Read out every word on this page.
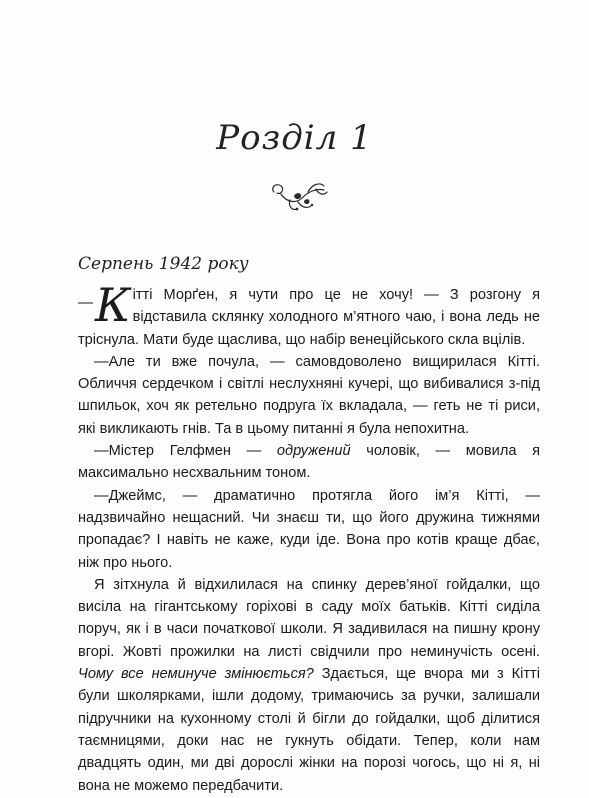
Розділ 1
Серпень 1942 року

— К ітті Морґен, я чути про це не хочу! — З розгону я відставила склянку холодного м’ятного чаю, і вона ледь не тріснула. Мати буде щаслива, що набір венеційського скла вцілів.

—Але ти вже почула, — самовдоволено вищирилася Кітті. Обличчя сердечком і світлі неслухняні кучері, що вибивалися з-під шпильок, хоч як ретельно подруга їх вкладала, — геть не ті риси, які викликають гнів. Та в цьому питанні я була непохитна.

—Містер Гелфмен — одружений чоловік, — мовила я максимально несхвальним тоном.

—Джеймс, — драматично протягла його ім’я Кітті, — надзвичайно нещасний. Чи знаєш ти, що його дружина тижнями пропадає? І навіть не каже, куди іде. Вона про котів краще дбає, ніж про нього.

Я зітхнула й відхилилася на спинку дерев’яної гойдалки, що висіла на гігантському горіхові в саду моїх батьків. Кітті сиділа поруч, як і в часи початкової школи. Я задивилася на пишну крону вгорі. Жовті прожилки на листі свідчили про неминучість осені. Чому все неминуче змінюється? Здається, ще вчора ми з Кітті були школярками, ішли додому, тримаючись за ручки, залишали підручники на кухонному столі й бігли до гойдалки, щоб ділитися таємницями, доки нас не гукнуть обідати. Тепер, коли нам двадцять один, ми дві дорослі жінки на порозі чогось, що ні я, ні вона не можемо передбачити.
